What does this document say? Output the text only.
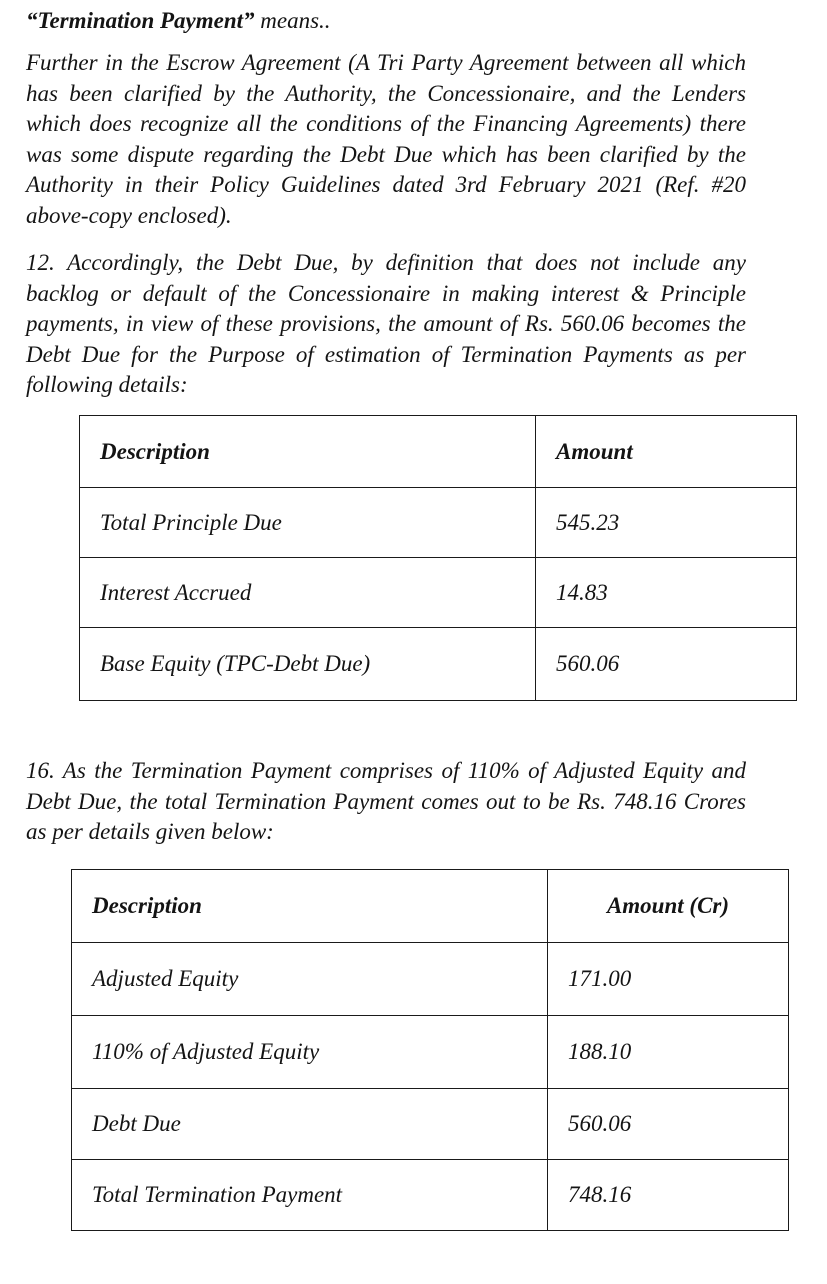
“Termination Payment” means..
Further in the Escrow Agreement (A Tri Party Agreement between all which has been clarified by the Authority, the Concessionaire, and the Lenders which does recognize all the conditions of the Financing Agreements) there was some dispute regarding the Debt Due which has been clarified by the Authority in their Policy Guidelines dated 3rd February 2021 (Ref. #20 above-copy enclosed).
12. Accordingly, the Debt Due, by definition that does not include any backlog or default of the Concessionaire in making interest & Principle payments, in view of these provisions, the amount of Rs. 560.06 becomes the Debt Due for the Purpose of estimation of Termination Payments as per following details:
Description	Amount
Total Principle Due	545.23
Interest Accrued	14.83
Base Equity (TPC-Debt Due)	560.06
16. As the Termination Payment comprises of 110% of Adjusted Equity and Debt Due, the total Termination Payment comes out to be Rs. 748.16 Crores as per details given below:
Description	Amount (Cr)
Adjusted Equity	171.00
110% of Adjusted Equity	188.10
Debt Due	560.06
Total Termination Payment	748.16
